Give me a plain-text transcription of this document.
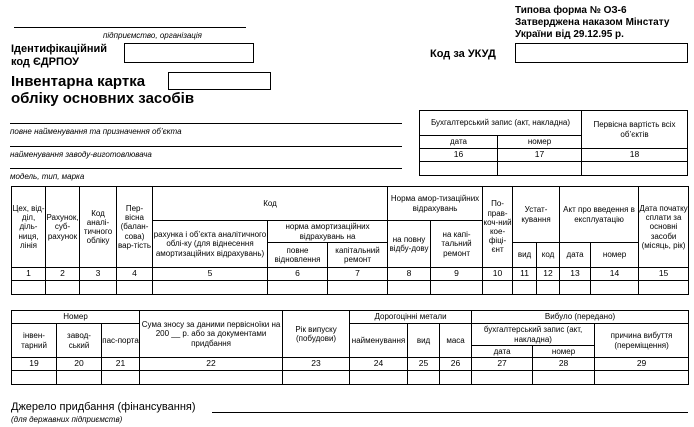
підприємство, організація
Типова форма № ОЗ-6
Затверджена наказом Мінстату
України від 29.12.95 р.
Ідентифікаційний
код ЄДРПОУ
Код за УКУД
Інвентарна картка
обліку основних засобів
повне найменування та призначення об’єкта
найменування заводу-виготовлювача
модель, тип, марка
Бухгалтерський запис (акт, накладна)		Первісна вартість всіх об’єктів
дата	номер	
16	17	18

Цех, від-діл, діль-ниця, лінія	Рахунок, суб-рахунок	Код аналі-тичного обліку	Пер-вісна (балан-сова) вар-тість	Код			Норма амор-тизаційних відрахувань		По-прав-коч-ний кое-фіці-єнт	Устат-кування		Акт про введення в експлуатацію		Дата початку сплати за основні засоби (місяць, рік)
				рахунка і об’єкта аналітичного облі-ку (для віднесення амортизаційних відрахувань)	норма амортизаційних відрахувань на		на повну відбу-дову	на капі-тальний ремонт						
					повне відновлення	капітальний ремонт				вид	код	дата	номер	
1	2	3	4	5	6	7	8	9	10	11	12	13	14	15

Номер			Сума зносу за даними первісноїки на 200 __ р. або за документами придбання	Рік випуску (побудови)	Дорогоцінні метали			Вибуло (передано)		
інвен-тарний	завод-ський	пас-порта			найменування	вид	маса	бухгалтерський запис (акт, накладна)		причина вибуття (переміщення)
								дата	номер	
19	20	21	22	23	24	25	26	27	28	29

Джерело придбання (фінансування)
(для державних підприємств)
